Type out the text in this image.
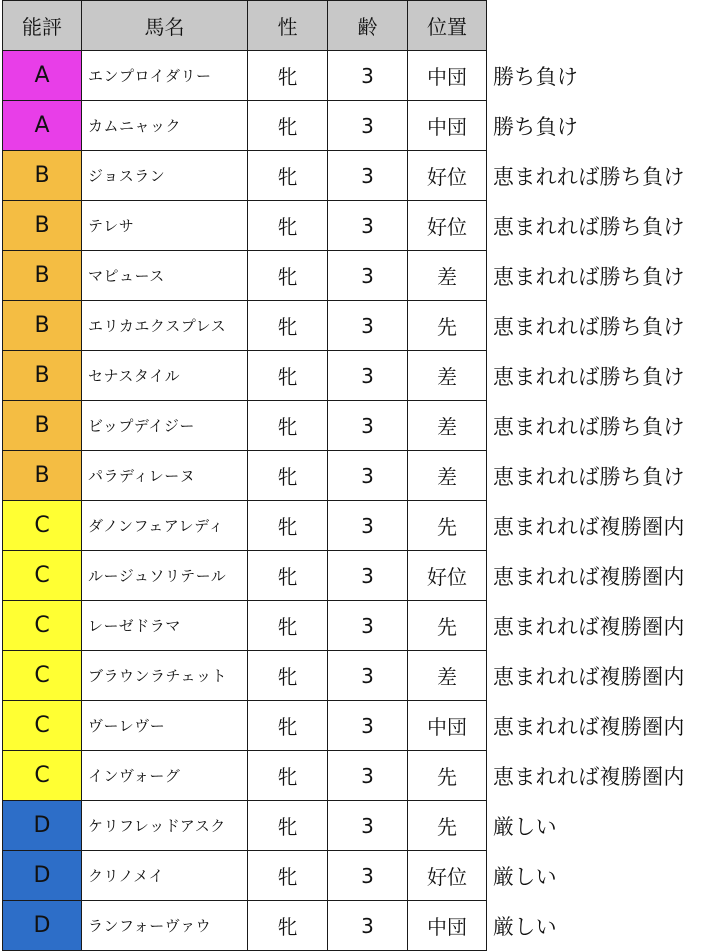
能評	馬名	性	齢	位置	
A	エンプロイダリー	牝	3	中団	勝ち負け
A	カムニャック	牝	3	中団	勝ち負け
B	ジョスラン	牝	3	好位	恵まれれば勝ち負け
B	テレサ	牝	3	好位	恵まれれば勝ち負け
B	マピュース	牝	3	差	恵まれれば勝ち負け
B	エリカエクスプレス	牝	3	先	恵まれれば勝ち負け
B	セナスタイル	牝	3	差	恵まれれば勝ち負け
B	ビップデイジー	牝	3	差	恵まれれば勝ち負け
B	パラディレーヌ	牝	3	差	恵まれれば勝ち負け
C	ダノンフェアレディ	牝	3	先	恵まれれば複勝圏内
C	ルージュソリテール	牝	3	好位	恵まれれば複勝圏内
C	レーゼドラマ	牝	3	先	恵まれれば複勝圏内
C	ブラウンラチェット	牝	3	差	恵まれれば複勝圏内
C	ヴーレヴー	牝	3	中団	恵まれれば複勝圏内
C	インヴォーグ	牝	3	先	恵まれれば複勝圏内
D	ケリフレッドアスク	牝	3	先	厳しい
D	クリノメイ	牝	3	好位	厳しい
D	ランフォーヴァウ	牝	3	中団	厳しい
